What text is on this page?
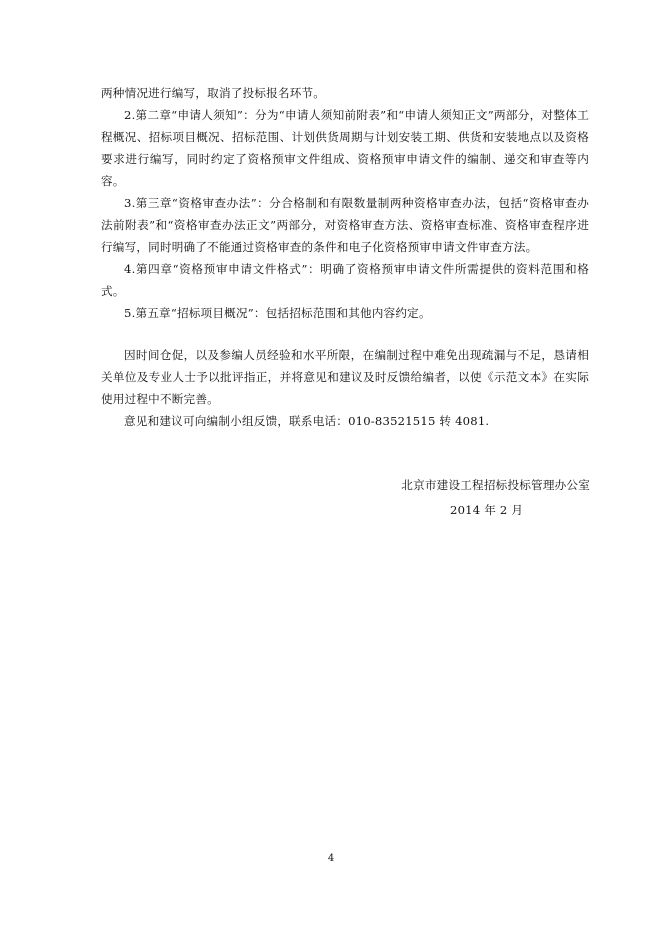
两种情况进行编写，取消了投标报名环节。

2.第二章“申请人须知”：分为“申请人须知前附表”和“申请人须知正文”两部分，对整体工程概况、招标项目概况、招标范围、计划供货周期与计划安装工期、供货和安装地点以及资格要求进行编写，同时约定了资格预审文件组成、资格预审申请文件的编制、递交和审查等内容。

3.第三章“资格审查办法”：分合格制和有限数量制两种资格审查办法，包括“资格审查办法前附表”和“资格审查办法正文”两部分，对资格审查方法、资格审查标准、资格审查程序进行编写，同时明确了不能通过资格审查的条件和电子化资格预审申请文件审查方法。

4.第四章“资格预审申请文件格式”：明确了资格预审申请文件所需提供的资料范围和格式。

5.第五章“招标项目概况”：包括招标范围和其他内容约定。

因时间仓促，以及参编人员经验和水平所限，在编制过程中难免出现疏漏与不足，恳请相关单位及专业人士予以批评指正，并将意见和建议及时反馈给编者，以使《示范文本》在实际使用过程中不断完善。

意见和建议可向编制小组反馈，联系电话：010-83521515 转 4081.

北京市建设工程招标投标管理办公室
2014 年 2 月
4
